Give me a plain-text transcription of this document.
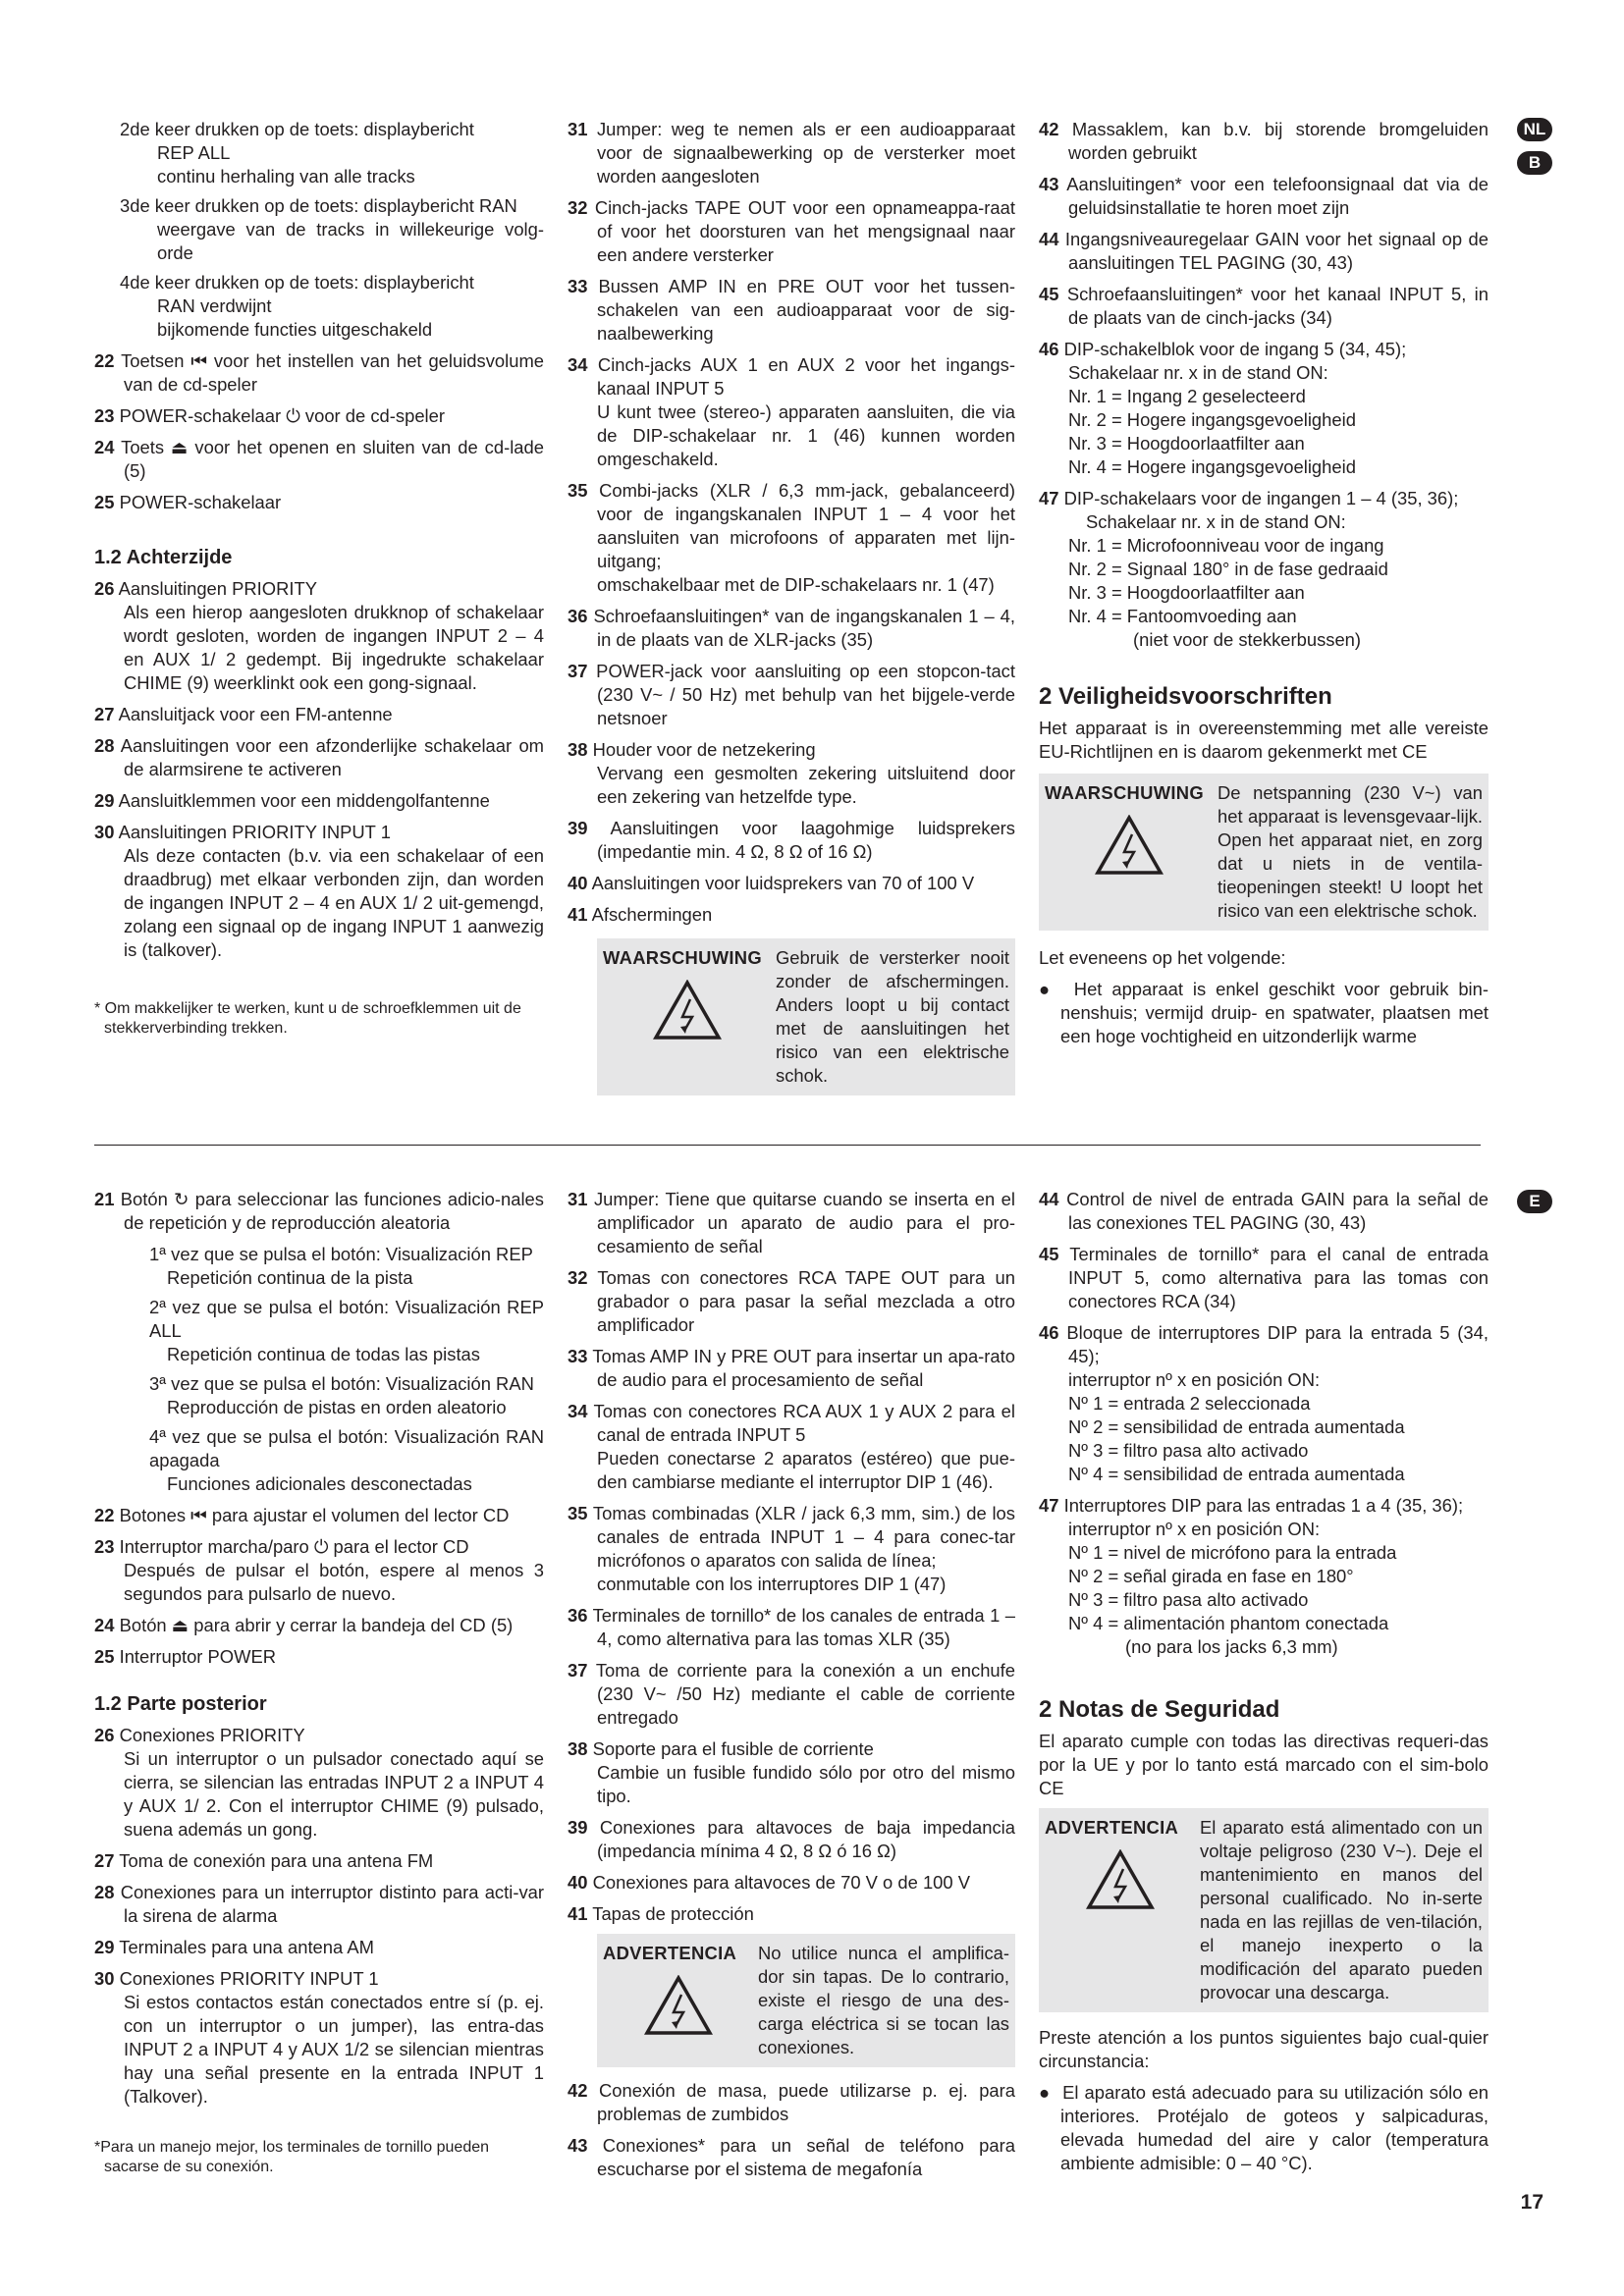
NL
B
E

2de keer drukken op de toets: displaybericht

REP ALL

continu herhaling van alle tracks

3de keer drukken op de toets: displaybericht RAN

weergave van de tracks in willekeurige volg-orde

4de keer drukken op de toets: displaybericht

RAN verdwijnt

bijkomende functies uitgeschakeld

22 Toetsen ⏮ voor het instellen van het geluidsvolume van de cd-speler
23 POWER-schakelaar ⏻ voor de cd-speler
24 Toets ⏏ voor het openen en sluiten van de cd-lade (5)
25 POWER-schakelaar
1.2 Achterzijde
26 Aansluitingen PRIORITY

Als een hierop aangesloten drukknop of schakelaar wordt gesloten, worden de ingangen INPUT 2 – 4 en AUX 1/ 2 gedempt. Bij ingedrukte schakelaar CHIME (9) weerklinkt ook een gong-signaal.

27 Aansluitjack voor een FM-antenne
28 Aansluitingen voor een afzonderlijke schakelaar om de alarmsirene te activeren
29 Aansluitklemmen voor een middengolfantenne
30 Aansluitingen PRIORITY INPUT 1

Als deze contacten (b.v. via een schakelaar of een draadbrug) met elkaar verbonden zijn, dan worden de ingangen INPUT 2 – 4 en AUX 1/ 2 uit-gemengd, zolang een signaal op de ingang INPUT 1 aanwezig is (talkover).

* Om makkelijker te werken, kunt u de schroefklemmen uit de stekkerverbinding trekken.
31 Jumper: weg te nemen als er een audioapparaat voor de signaalbewerking op de versterker moet worden aangesloten
32 Cinch-jacks TAPE OUT voor een opnameappa-raat of voor het doorsturen van het mengsignaal naar een andere versterker
33 Bussen AMP IN en PRE OUT voor het tussen-schakelen van een audioapparaat voor de sig-naalbewerking
34 Cinch-jacks AUX 1 en AUX 2 voor het ingangs-kanaal INPUT 5

U kunt twee (stereo-) apparaten aansluiten, die via de DIP-schakelaar nr. 1 (46) kunnen worden omgeschakeld.

35 Combi-jacks (XLR / 6,3 mm-jack, gebalanceerd) voor de ingangskanalen INPUT 1 – 4 voor het aansluiten van microfoons of apparaten met lijn-uitgang;

omschakelbaar met de DIP-schakelaars nr. 1 (47)

36 Schroefaansluitingen* van de ingangskanalen 1 – 4, in de plaats van de XLR-jacks (35)
37 POWER-jack voor aansluiting op een stopcon-tact (230 V~ / 50 Hz) met behulp van het bijgele-verde netsnoer
38 Houder voor de netzekering

Vervang een gesmolten zekering uitsluitend door een zekering van hetzelfde type.

39 Aansluitingen voor laagohmige luidsprekers (impedantie min. 4 Ω, 8 Ω of 16 Ω)
40 Aansluitingen voor luidsprekers van 70 of 100 V
41 Afschermingen
WAARSCHUWING Gebruik de versterker nooit zonder de afschermingen. Anders loopt u bij contact met de aansluitingen het risico van een elektrische schok.
42 Massaklem, kan b.v. bij storende bromgeluiden worden gebruikt
43 Aansluitingen* voor een telefoonsignaal dat via de geluidsinstallatie te horen moet zijn
44 Ingangsniveauregelaar GAIN voor het signaal op de aansluitingen TEL PAGING (30, 43)
45 Schroefaansluitingen* voor het kanaal INPUT 5, in de plaats van de cinch-jacks (34)
46 DIP-schakelblok voor de ingang 5 (34, 45);

Schakelaar nr. x in de stand ON:

Nr. 1 = Ingang 2 geselecteerd

Nr. 2 = Hogere ingangsgevoeligheid

Nr. 3 = Hoogdoorlaatfilter aan

Nr. 4 = Hogere ingangsgevoeligheid

47 DIP-schakelaars voor de ingangen 1 – 4 (35, 36);

Schakelaar nr. x in de stand ON:

Nr. 1 = Microfoonniveau voor de ingang

Nr. 2 = Signaal 180° in de fase gedraaid

Nr. 3 = Hoogdoorlaatfilter aan

Nr. 4 = Fantoomvoeding aan

(niet voor de stekkerbussen)

2 Veiligheidsvoorschriften

Het apparaat is in overeenstemming met alle vereiste EU-Richtlijnen en is daarom gekenmerkt met CE

WAARSCHUWING De netspanning (230 V~) van het apparaat is levensgevaar-lijk. Open het apparaat niet, en zorg dat u niets in de ventila-tieopeningen steekt! U loopt het risico van een elektrische schok.

Let eveneens op het volgende:

●  Het apparaat is enkel geschikt voor gebruik bin-nenshuis; vermijd druip- en spatwater, plaatsen met een hoge vochtigheid en uitzonderlijk warme

21 Botón ↻ para seleccionar las funciones adicio-nales de repetición y de reproducción aleatoria

1ª vez que se pulsa el botón: Visualización REP

Repetición continua de la pista

2ª vez que se pulsa el botón: Visualización REP ALL

Repetición continua de todas las pistas

3ª vez que se pulsa el botón: Visualización RAN

Reproducción de pistas en orden aleatorio

4ª vez que se pulsa el botón: Visualización RAN apagada

Funciones adicionales desconectadas

22 Botones ⏮ para ajustar el volumen del lector CD
23 Interruptor marcha/paro ⏻ para el lector CD

Después de pulsar el botón, espere al menos 3 segundos para pulsarlo de nuevo.

24 Botón ⏏ para abrir y cerrar la bandeja del CD (5)
25 Interruptor POWER
1.2 Parte posterior
26 Conexiones PRIORITY

Si un interruptor o un pulsador conectado aquí se cierra, se silencian las entradas INPUT 2 a INPUT 4 y AUX 1/ 2. Con el interruptor CHIME (9) pulsado, suena además un gong.

27 Toma de conexión para una antena FM
28 Conexiones para un interruptor distinto para acti-var la sirena de alarma
29 Terminales para una antena AM
30 Conexiones PRIORITY INPUT 1

Si estos contactos están conectados entre sí (p. ej. con un interruptor o un jumper), las entra-das INPUT 2 a INPUT 4 y AUX 1/2 se silencian mientras hay una señal presente en la entrada INPUT 1 (Talkover).

*Para un manejo mejor, los terminales de tornillo pueden sacarse de su conexión.
31 Jumper: Tiene que quitarse cuando se inserta en el amplificador un aparato de audio para el pro-cesamiento de señal
32 Tomas con conectores RCA TAPE OUT para un grabador o para pasar la señal mezclada a otro amplificador
33 Tomas AMP IN y PRE OUT para insertar un apa-rato de audio para el procesamiento de señal
34 Tomas con conectores RCA AUX 1 y AUX 2 para el canal de entrada INPUT 5

Pueden conectarse 2 aparatos (estéreo) que pue-den cambiarse mediante el interruptor DIP 1 (46).

35 Tomas combinadas (XLR / jack 6,3 mm, sim.) de los canales de entrada INPUT 1 – 4 para conec-tar micrófonos o aparatos con salida de línea;

conmutable con los interruptores DIP 1 (47)

36 Terminales de tornillo* de los canales de entrada 1 – 4, como alternativa para las tomas XLR (35)
37 Toma de corriente para la conexión a un enchufe (230 V~ /50 Hz) mediante el cable de corriente entregado
38 Soporte para el fusible de corriente

Cambie un fusible fundido sólo por otro del mismo tipo.

39 Conexiones para altavoces de baja impedancia (impedancia mínima 4 Ω, 8 Ω ó 16 Ω)
40 Conexiones para altavoces de 70 V o de 100 V
41 Tapas de protección
ADVERTENCIA	No utilice nunca el amplifica-dor sin tapas. De lo contrario, existe el riesgo de una des-carga eléctrica si se tocan las conexiones.
42 Conexión de masa, puede utilizarse p. ej. para problemas de zumbidos
43 Conexiones* para un señal de teléfono para escucharse por el sistema de megafonía
44 Control de nivel de entrada GAIN para la señal de las conexiones TEL PAGING (30, 43)
45 Terminales de tornillo* para el canal de entrada INPUT 5, como alternativa para las tomas con conectores RCA (34)
46 Bloque de interruptores DIP para la entrada 5 (34, 45);

interruptor nº x en posición ON:

Nº 1 = entrada 2 seleccionada

Nº 2 = sensibilidad de entrada aumentada

Nº 3 = filtro pasa alto activado

Nº 4 = sensibilidad de entrada aumentada

47 Interruptores DIP para las entradas 1 a 4 (35, 36);

interruptor nº x en posición ON:

Nº 1 = nivel de micrófono para la entrada

Nº 2 = señal girada en fase en 180°

Nº 3 = filtro pasa alto activado

Nº 4 = alimentación phantom conectada

(no para los jacks 6,3 mm)

2 Notas de Seguridad

El aparato cumple con todas las directivas requeri-das por la UE y por lo tanto está marcado con el sim-bolo CE

ADVERTENCIA	El aparato está alimentado con un voltaje peligroso (230 V~). Deje el mantenimiento en manos del personal cualificado. No in-serte nada en las rejillas de ven-tilación, el manejo inexperto o la modificación del aparato pueden provocar una descarga.

Preste atención a los puntos siguientes bajo cual-quier circunstancia:

●  El aparato está adecuado para su utilización sólo en interiores. Protéjalo de goteos y salpicaduras, elevada humedad del aire y calor (temperatura ambiente admisible: 0 – 40 °C).

17
